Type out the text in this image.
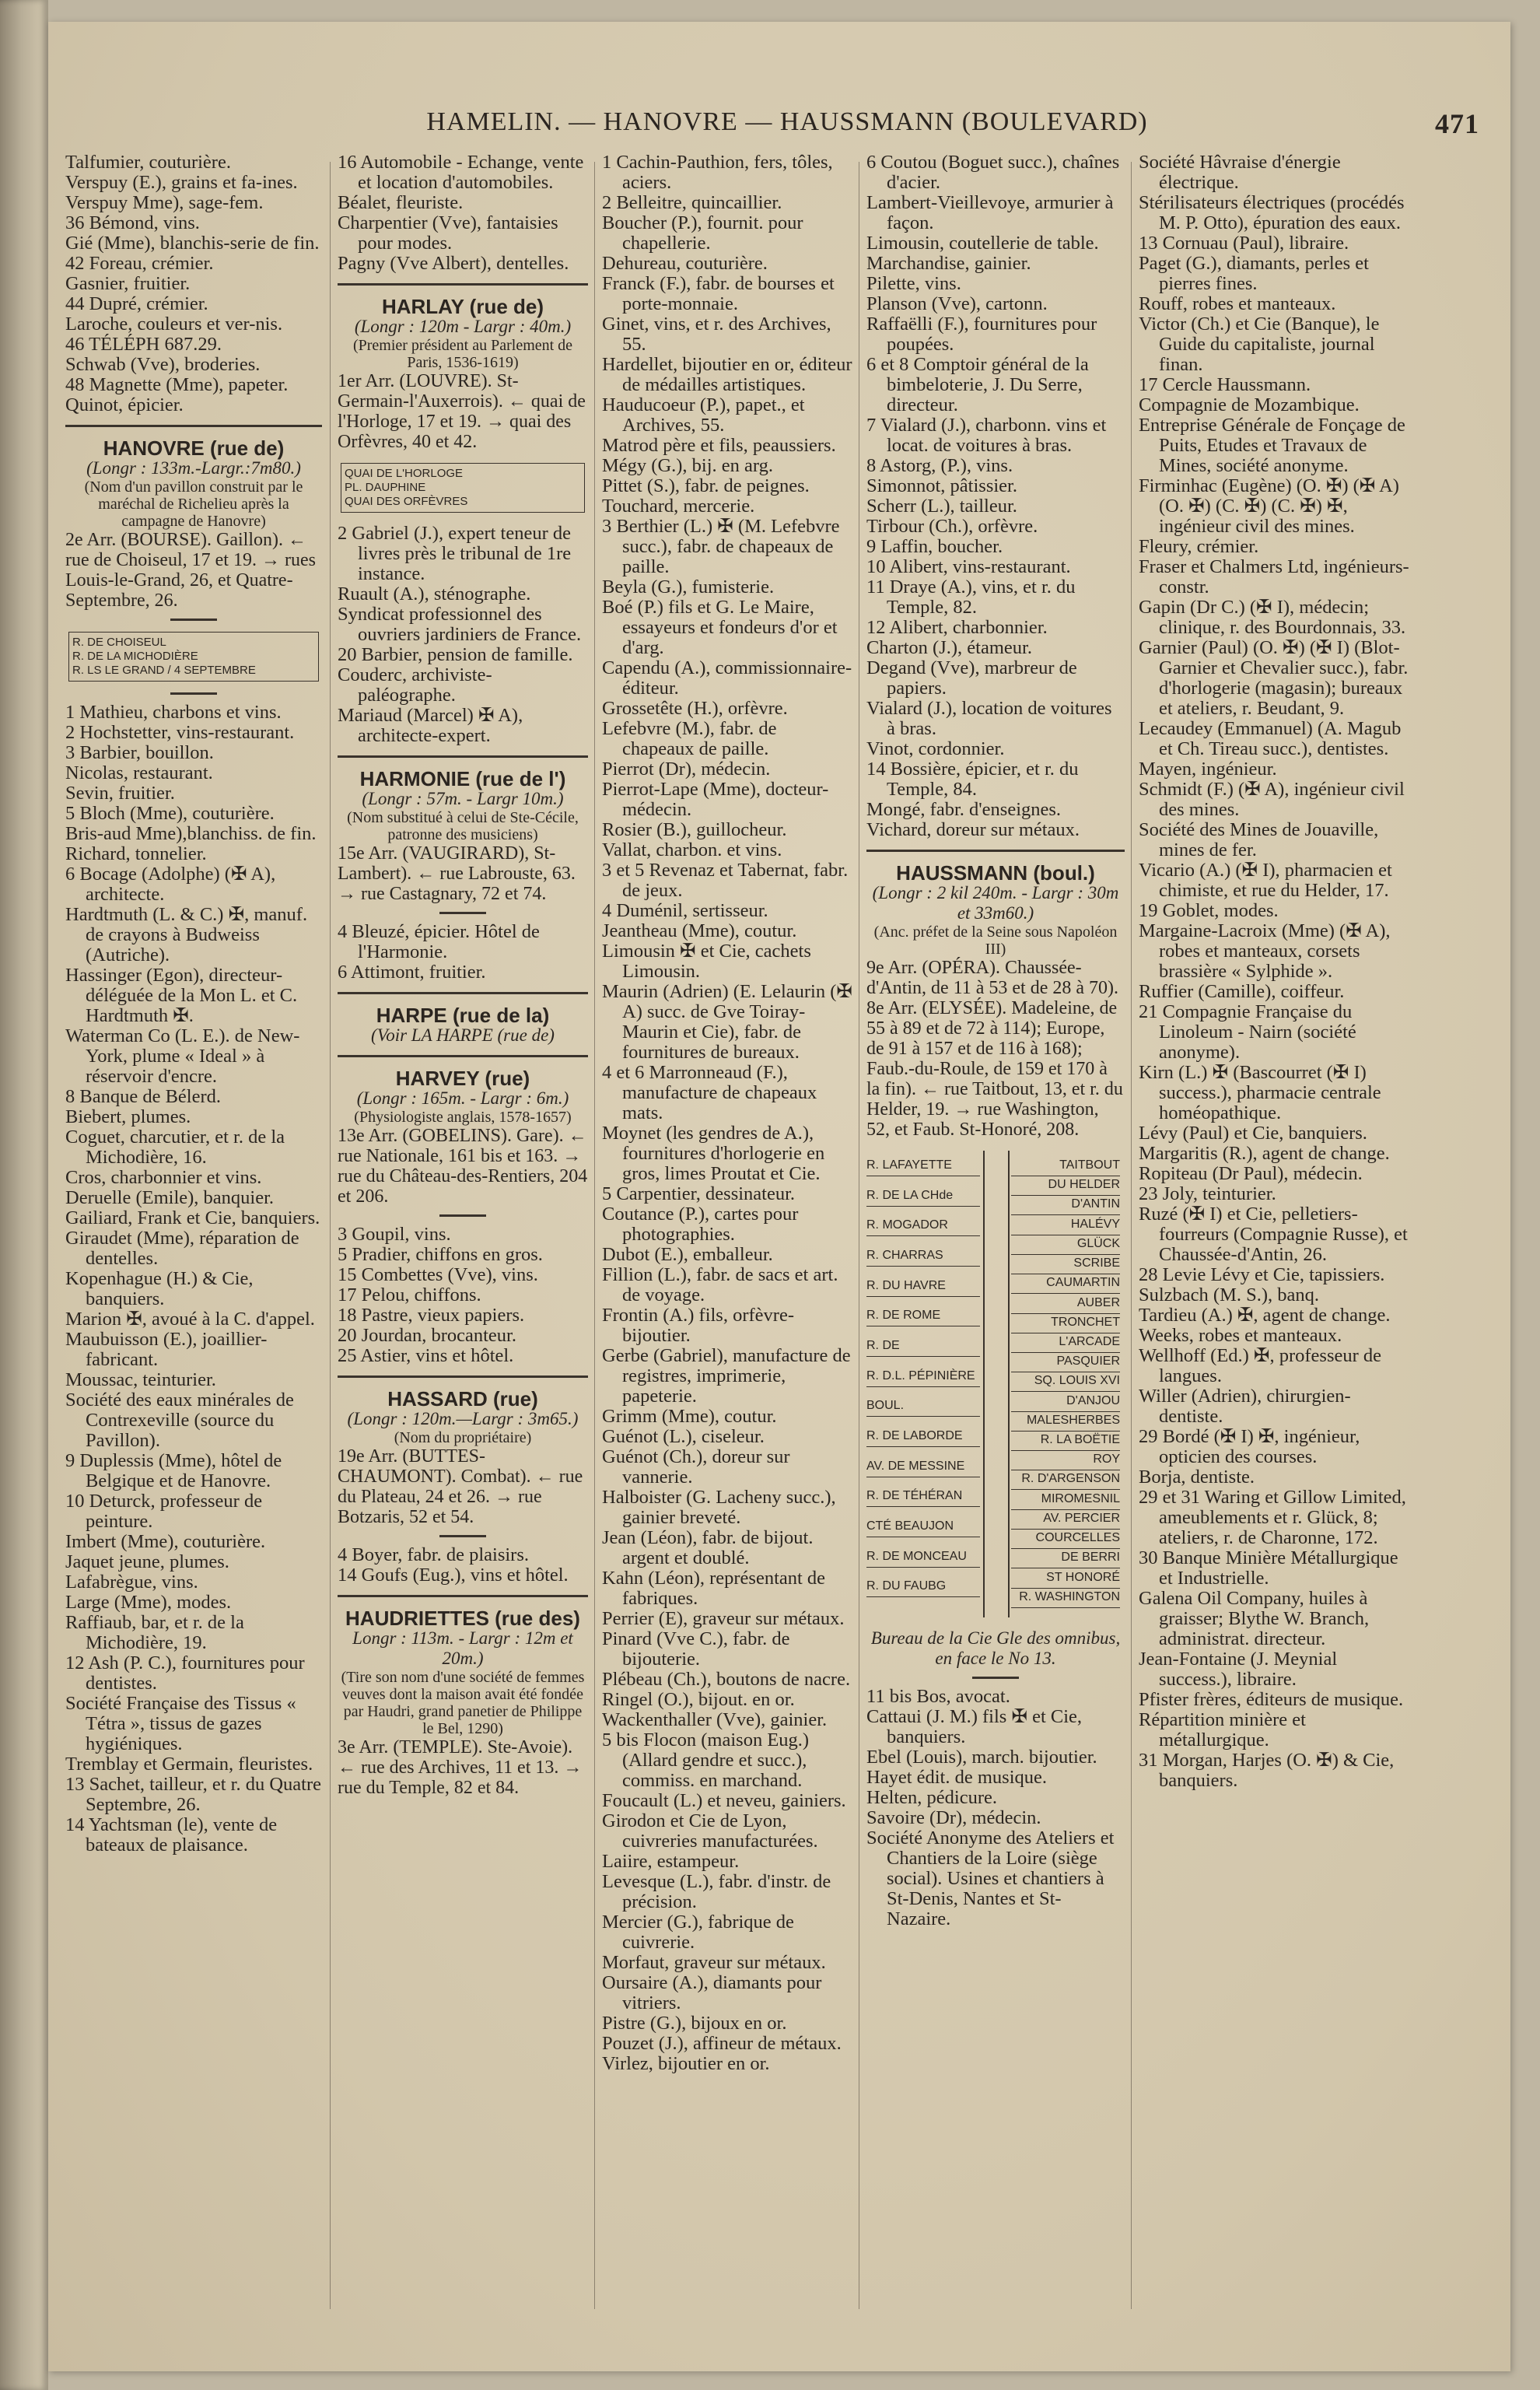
HAMELIN. — HANOVRE — HAUSSMANN (BOULEVARD)	471
Talfumier, couturière.
Verspuy (E.), grains et fa-ines.
Verspuy Mme), sage-fem.
36 Bémond, vins.
Gié (Mme), blanchis-serie de fin.
42 Foreau, crémier.
Gasnier, fruitier.
44 Dupré, crémier.
Laroche, couleurs et ver-nis.
46 TÉLÉPH 687.29.
Schwab (Vve), broderies.
48 Magnette (Mme), papeter.
Quinot, épicier.
HANOVRE (rue de)
(Longr : 133m.-Largr.:7m80.)
(Nom d'un pavillon construit par le maréchal de Richelieu après la campagne de Hanovre)
2e Arr. (BOURSE). Gaillon). ← rue de Choiseul, 17 et 19. → rues Louis-le-Grand, 26, et Quatre-Septembre, 26.
R. DE CHOISEUL
R. DE LA MICHODIÈRE
R. LS LE GRAND / 4 SEPTEMBRE
1 Mathieu, charbons et vins.
2 Hochstetter, vins-restaurant.
3 Barbier, bouillon.
Nicolas, restaurant.
Sevin, fruitier.
5 Bloch (Mme), couturière.
Bris-aud Mme),blanchiss. de fin.
Richard, tonnelier.
6 Bocage (Adolphe) (✠ A), architecte.
Hardtmuth (L. & C.) ✠, manuf. de crayons à Budweiss (Autriche).
Hassinger (Egon), directeur-déléguée de la Mon L. et C. Hardtmuth ✠.
Waterman Co (L. E.). de New-York, plume « Ideal » à réservoir d'encre.
8 Banque de Bélerd.
Biebert, plumes.
Coguet, charcutier, et r. de la Michodière, 16.
Cros, charbonnier et vins.
Deruelle (Emile), banquier.
Gailiard, Frank et Cie, banquiers.
Giraudet (Mme), réparation de dentelles.
Kopenhague (H.) & Cie, banquiers.
Marion ✠, avoué à la C. d'appel.
Maubuisson (E.), joaillier-fabricant.
Moussac, teinturier.
Société des eaux minérales de Contrexeville (source du Pavillon).
9 Duplessis (Mme), hôtel de Belgique et de Hanovre.
10 Deturck, professeur de peinture.
Imbert (Mme), couturière.
Jaquet jeune, plumes.
Lafabrègue, vins.
Large (Mme), modes.
Raffiaub, bar, et r. de la Michodière, 19.
12 Ash (P. C.), fournitures pour dentistes.
Société Française des Tissus « Tétra », tissus de gazes hygiéniques.
Tremblay et Germain, fleuristes.
13 Sachet, tailleur, et r. du Quatre Septembre, 26.
14 Yachtsman (le), vente de bateaux de plaisance.
16 Automobile - Echange, vente et location d'automobiles.
Béalet, fleuriste.
Charpentier (Vve), fantaisies pour modes.
Pagny (Vve Albert), dentelles.
HARLAY (rue de)
(Longr : 120m - Largr : 40m.)
(Premier président au Parlement de Paris, 1536-1619)
1er Arr. (LOUVRE). St-Germain-l'Auxerrois). ← quai de l'Horloge, 17 et 19. → quai des Orfèvres, 40 et 42.
QUAI DE L'HORLOGE
PL. DAUPHINE
QUAI DES ORFÈVRES
2 Gabriel (J.), expert teneur de livres près le tribunal de 1re instance.
Ruault (A.), sténographe.
Syndicat professionnel des ouvriers jardiniers de France.
20 Barbier, pension de famille.
Couderc, archiviste-paléographe.
Mariaud (Marcel) ✠ A), architecte-expert.
HARMONIE (rue de l')
(Longr : 57m. - Largr 10m.)
(Nom substitué à celui de Ste-Cécile, patronne des musiciens)
15e Arr. (VAUGIRARD), St-Lambert). ← rue Labrouste, 63. → rue Castagnary, 72 et 74.
4 Bleuzé, épicier. Hôtel de l'Harmonie.
6 Attimont, fruitier.
HARPE (rue de la)
(Voir LA HARPE (rue de)
HARVEY (rue)
(Longr : 165m. - Largr : 6m.)
(Physiologiste anglais, 1578-1657)
13e Arr. (GOBELINS). Gare). ← rue Nationale, 161 bis et 163. → rue du Château-des-Rentiers, 204 et 206.
3 Goupil, vins.
5 Pradier, chiffons en gros.
15 Combettes (Vve), vins.
17 Pelou, chiffons.
18 Pastre, vieux papiers.
20 Jourdan, brocanteur.
25 Astier, vins et hôtel.
HASSARD (rue)
(Longr : 120m.—Largr : 3m65.)
(Nom du propriétaire)
19e Arr. (BUTTES-CHAUMONT). Combat). ← rue du Plateau, 24 et 26. → rue Botzaris, 52 et 54.
4 Boyer, fabr. de plaisirs.
14 Goufs (Eug.), vins et hôtel.
HAUDRIETTES (rue des)
Longr : 113m. - Largr : 12m et 20m.)
(Tire son nom d'une société de femmes veuves dont la maison avait été fondée par Haudri, grand panetier de Philippe le Bel, 1290)
3e Arr. (TEMPLE). Ste-Avoie). ← rue des Archives, 11 et 13. → rue du Temple, 82 et 84.
1 Cachin-Pauthion, fers, tôles, aciers.
2 Belleitre, quincaillier.
Boucher (P.), fournit. pour chapellerie.
Dehureau, couturière.
Franck (F.), fabr. de bourses et porte-monnaie.
Ginet, vins, et r. des Archives, 55.
Hardellet, bijoutier en or, éditeur de médailles artistiques.
Hauducoeur (P.), papet., et Archives, 55.
Matrod père et fils, peaussiers.
Mégy (G.), bij. en arg.
Pittet (S.), fabr. de peignes.
Touchard, mercerie.
3 Berthier (L.) ✠ (M. Lefebvre succ.), fabr. de chapeaux de paille.
Beyla (G.), fumisterie.
Boé (P.) fils et G. Le Maire, essayeurs et fondeurs d'or et d'arg.
Capendu (A.), commissionnaire-éditeur.
Grossetête (H.), orfèvre.
Lefebvre (M.), fabr. de chapeaux de paille.
Pierrot (Dr), médecin.
Pierrot-Lape (Mme), docteur-médecin.
Rosier (B.), guillocheur.
Vallat, charbon. et vins.
3 et 5 Revenaz et Tabernat, fabr. de jeux.
4 Duménil, sertisseur.
Jeantheau (Mme), coutur.
Limousin ✠ et Cie, cachets Limousin.
Maurin (Adrien) (E. Lelaurin (✠ A) succ. de Gve Toiray-Maurin et Cie), fabr. de fournitures de bureaux.
4 et 6 Marronneaud (F.), manufacture de chapeaux mats.
Moynet (les gendres de A.), fournitures d'horlogerie en gros, limes Proutat et Cie.
5 Carpentier, dessinateur.
Coutance (P.), cartes pour photographies.
Dubot (E.), emballeur.
Fillion (L.), fabr. de sacs et art. de voyage.
Frontin (A.) fils, orfèvre-bijoutier.
Gerbe (Gabriel), manufacture de registres, imprimerie, papeterie.
Grimm (Mme), coutur.
Guénot (L.), ciseleur.
Guénot (Ch.), doreur sur vannerie.
Halboister (G. Lacheny succ.), gainier breveté.
Jean (Léon), fabr. de bijout. argent et doublé.
Kahn (Léon), représentant de fabriques.
Perrier (E), graveur sur métaux.
Pinard (Vve C.), fabr. de bijouterie.
Plébeau (Ch.), boutons de nacre.
Ringel (O.), bijout. en or.
Wackenthaller (Vve), gainier.
5 bis Flocon (maison Eug.) (Allard gendre et succ.), commiss. en marchand.
Foucault (L.) et neveu, gainiers.
Girodon et Cie de Lyon, cuivreries manufacturées.
Laiire, estampeur.
Levesque (L.), fabr. d'instr. de précision.
Mercier (G.), fabrique de cuivrerie.
Morfaut, graveur sur métaux.
Oursaire (A.), diamants pour vitriers.
Pistre (G.), bijoux en or.
Pouzet (J.), affineur de métaux.
Virlez, bijoutier en or.
6 Coutou (Boguet succ.), chaînes d'acier.
Lambert-Vieillevoye, armurier à façon.
Limousin, coutellerie de table.
Marchandise, gainier.
Pilette, vins.
Planson (Vve), cartonn.
Raffaëlli (F.), fournitures pour poupées.
6 et 8 Comptoir général de la bimbeloterie, J. Du Serre, directeur.
7 Vialard (J.), charbonn. vins et locat. de voitures à bras.
8 Astorg, (P.), vins.
Simonnot, pâtissier.
Scherr (L.), tailleur.
Tirbour (Ch.), orfèvre.
9 Laffin, boucher.
10 Alibert, vins-restaurant.
11 Draye (A.), vins, et r. du Temple, 82.
12 Alibert, charbonnier.
Charton (J.), étameur.
Degand (Vve), marbreur de papiers.
Vialard (J.), location de voitures à bras.
Vinot, cordonnier.
14 Bossière, épicier, et r. du Temple, 84.
Mongé, fabr. d'enseignes.
Vichard, doreur sur métaux.
HAUSSMANN (boul.)
(Longr : 2 kil 240m. - Largr : 30m et 33m60.)
(Anc. préfet de la Seine sous Napoléon III)
9e Arr. (OPÉRA). Chaussée-d'Antin, de 11 à 53 et de 28 à 70). 8e Arr. (ELYSÉE). Madeleine, de 55 à 89 et de 72 à 114); Europe, de 91 à 157 et de 116 à 168); Faub.-du-Roule, de 159 et 170 à la fin). ← rue Taitbout, 13, et r. du Helder, 19. → rue Washington, 52, et Faub. St-Honoré, 208.
R. LAFAYETTE
R. DE LA CHde
R. MOGADOR
R. CHARRAS
R. DU HAVRE
R. DE ROME
R. DE
R. D.L. PÉPINIÈRE
BOUL.
R. DE LABORDE
AV. DE MESSINE
R. DE TÉHÉRAN
CTÉ BEAUJON
R. DE MONCEAU
R. DU FAUBG
TAITBOUT
DU HELDER
D'ANTIN
HALÉVY
GLÜCK
SCRIBE
CAUMARTIN
AUBER
TRONCHET
L'ARCADE
PASQUIER
SQ. LOUIS XVI
D'ANJOU
MALESHERBES
R. LA BOËTIE
ROY
R. D'ARGENSON
MIROMESNIL
AV. PERCIER
COURCELLES
DE BERRI
ST HONORÉ
R. WASHINGTON
Bureau de la Cie Gle des omnibus, en face le No 13.
11 bis Bos, avocat.
Cattaui (J. M.) fils ✠ et Cie, banquiers.
Ebel (Louis), march. bijoutier.
Hayet édit. de musique.
Helten, pédicure.
Savoire (Dr), médecin.
Société Anonyme des Ateliers et Chantiers de la Loire (siège social). Usines et chantiers à St-Denis, Nantes et St-Nazaire.
Société Hâvraise d'énergie électrique.
Stérilisateurs électriques (procédés M. P. Otto), épuration des eaux.
13 Cornuau (Paul), libraire.
Paget (G.), diamants, perles et pierres fines.
Rouff, robes et manteaux.
Victor (Ch.) et Cie (Banque), le Guide du capitaliste, journal finan.
17 Cercle Haussmann.
Compagnie de Mozambique.
Entreprise Générale de Fonçage de Puits, Etudes et Travaux de Mines, société anonyme.
Firminhac (Eugène) (O. ✠) (✠ A) (O. ✠) (C. ✠) (C. ✠) ✠, ingénieur civil des mines.
Fleury, crémier.
Fraser et Chalmers Ltd, ingénieurs-constr.
Gapin (Dr C.) (✠ I), médecin; clinique, r. des Bourdonnais, 33.
Garnier (Paul) (O. ✠) (✠ I) (Blot-Garnier et Chevalier succ.), fabr. d'horlogerie (magasin); bureaux et ateliers, r. Beudant, 9.
Lecaudey (Emmanuel) (A. Magub et Ch. Tireau succ.), dentistes.
Mayen, ingénieur.
Schmidt (F.) (✠ A), ingénieur civil des mines.
Société des Mines de Jouaville, mines de fer.
Vicario (A.) (✠ I), pharmacien et chimiste, et rue du Helder, 17.
19 Goblet, modes.
Margaine-Lacroix (Mme) (✠ A), robes et manteaux, corsets brassière « Sylphide ».
Ruffier (Camille), coiffeur.
21 Compagnie Française du Linoleum - Nairn (société anonyme).
Kirn (L.) ✠ (Bascourret (✠ I) success.), pharmacie centrale homéopathique.
Lévy (Paul) et Cie, banquiers.
Margaritis (R.), agent de change.
Ropiteau (Dr Paul), médecin.
23 Joly, teinturier.
Ruzé (✠ I) et Cie, pelletiers-fourreurs (Compagnie Russe), et Chaussée-d'Antin, 26.
28 Levie Lévy et Cie, tapissiers.
Sulzbach (M. S.), banq.
Tardieu (A.) ✠, agent de change.
Weeks, robes et manteaux.
Wellhoff (Ed.) ✠, professeur de langues.
Willer (Adrien), chirurgien-dentiste.
29 Bordé (✠ I) ✠, ingénieur, opticien des courses.
Borja, dentiste.
29 et 31 Waring et Gillow Limited, ameublements et r. Glück, 8; ateliers, r. de Charonne, 172.
30 Banque Minière Métallurgique et Industrielle.
Galena Oil Company, huiles à graisser; Blythe W. Branch, administrat. directeur.
Jean-Fontaine (J. Meynial success.), libraire.
Pfister frères, éditeurs de musique.
Répartition minière et métallurgique.
31 Morgan, Harjes (O. ✠) & Cie, banquiers.
